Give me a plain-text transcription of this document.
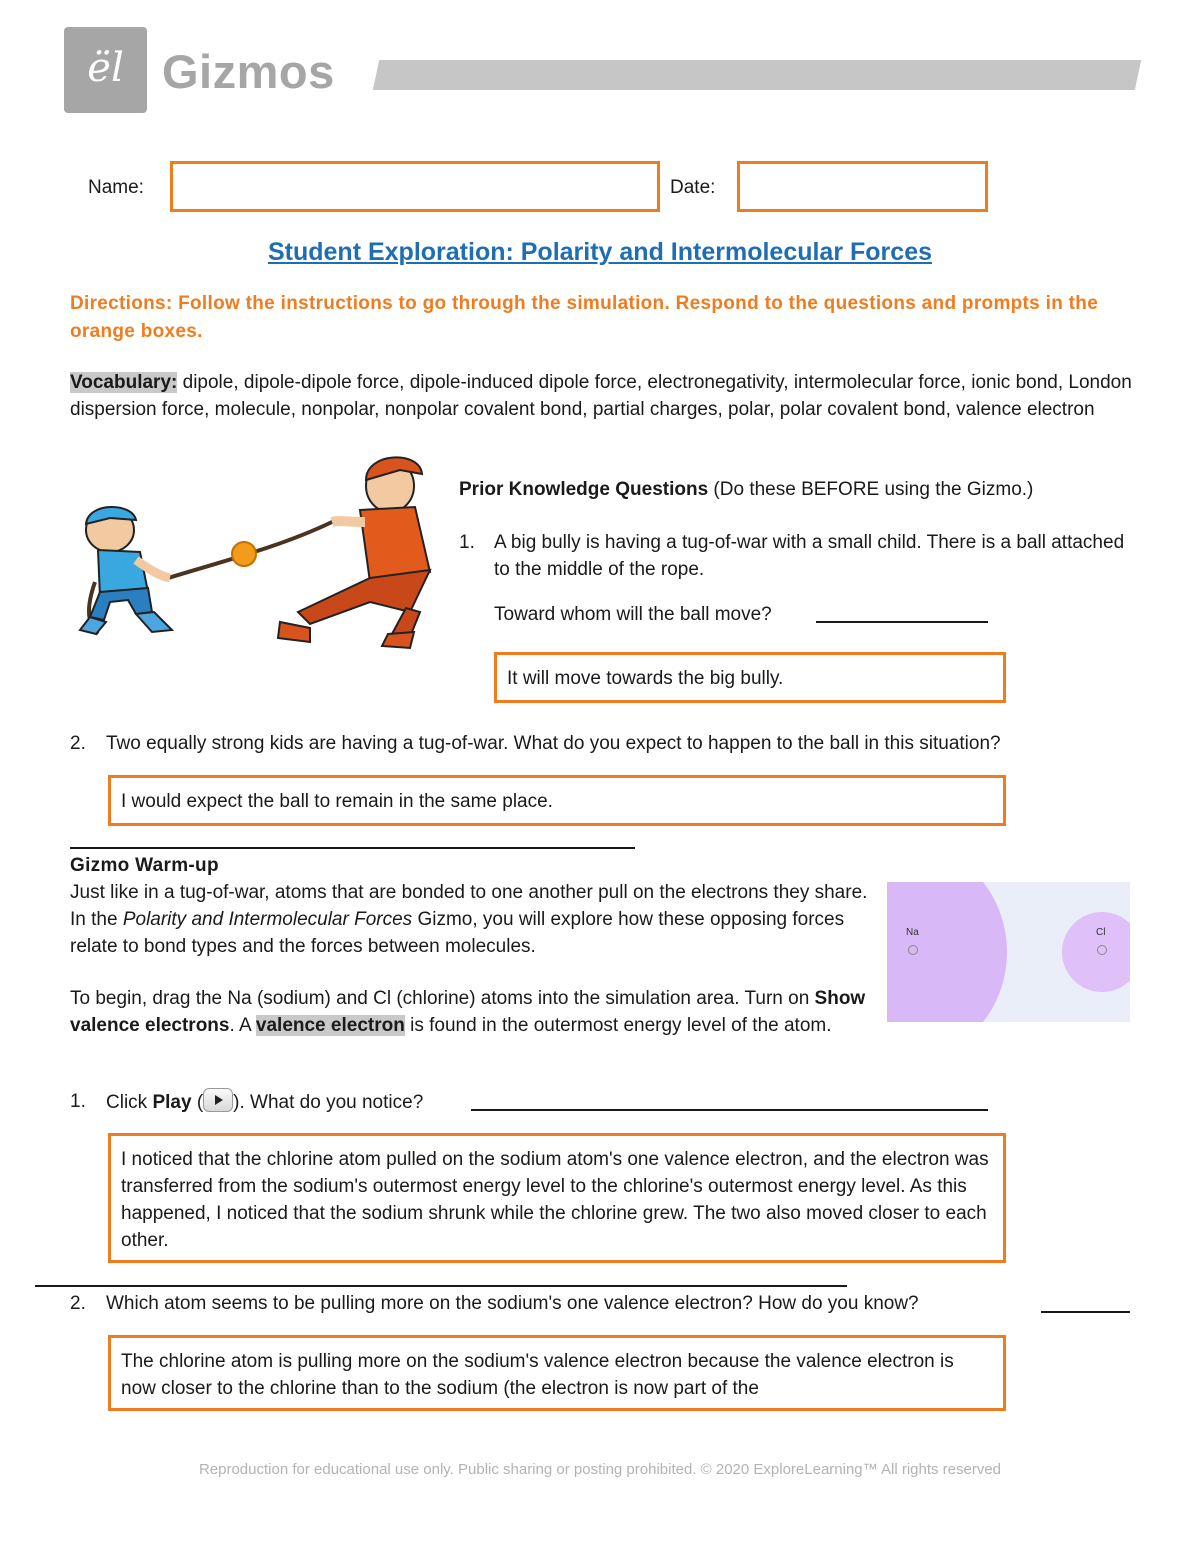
ël Gizmos
Name:	Date:
Student Exploration: Polarity and Intermolecular Forces
Directions: Follow the instructions to go through the simulation. Respond to the questions and prompts in the orange boxes.
Vocabulary: dipole, dipole-dipole force, dipole-induced dipole force, electronegativity, intermolecular force, ionic bond, London dispersion force, molecule, nonpolar, nonpolar covalent bond, partial charges, polar, polar covalent bond, valence electron
Prior Knowledge Questions (Do these BEFORE using the Gizmo.)
1. A big bully is having a tug-of-war with a small child. There is a ball attached to the middle of the rope.
Toward whom will the ball move?
It will move towards the big bully.
2. Two equally strong kids are having a tug-of-war. What do you expect to happen to the ball in this situation?
I would expect the ball to remain in the same place.
Gizmo Warm-up
Just like in a tug-of-war, atoms that are bonded to one another pull on the electrons they share. In the Polarity and Intermolecular Forces Gizmo, you will explore how these opposing forces relate to bond types and the forces between molecules.
To begin, drag the Na (sodium) and Cl (chlorine) atoms into the simulation area. Turn on Show valence electrons. A valence electron is found in the outermost energy level of the atom.
Na	Cl
1. Click Play ( ). What do you notice?
I noticed that the chlorine atom pulled on the sodium atom's one valence electron, and the electron was transferred from the sodium's outermost energy level to the chlorine's outermost energy level. As this happened, I noticed that the sodium shrunk while the chlorine grew. The two also moved closer to each other.
2. Which atom seems to be pulling more on the sodium's one valence electron? How do you know?
The chlorine atom is pulling more on the sodium's valence electron because the valence electron is now closer to the chlorine than to the sodium (the electron is now part of the
Reproduction for educational use only. Public sharing or posting prohibited. © 2020 ExploreLearning™ All rights reserved
